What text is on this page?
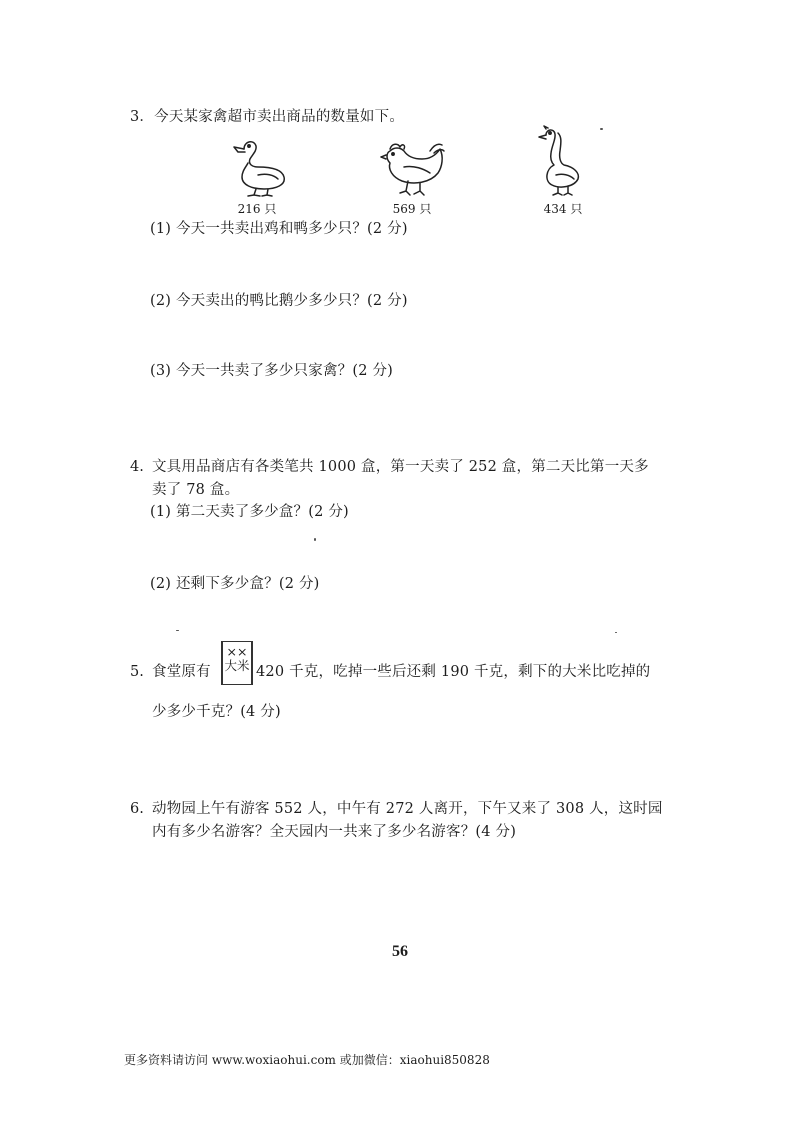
3．今天某家禽超市卖出商品的数量如下。
216 只	569 只	434 只
(1) 今天一共卖出鸡和鸭多少只？(2 分)
(2) 今天卖出的鸭比鹅少多少只？(2 分)
(3) 今天一共卖了多少只家禽？(2 分)
4. 文具用品商店有各类笔共 1000 盒，第一天卖了 252 盒，第二天比第一天多
卖了 78 盒。
(1) 第二天卖了多少盒？(2 分)
(2) 还剩下多少盒？(2 分)
5. 食堂原有
××
大米 420 千克，吃掉一些后还剩 190 千克，剩下的大米比吃掉的
少多少千克？(4 分)
6. 动物园上午有游客 552 人，中午有 272 人离开，下午又来了 308 人，这时园
内有多少名游客？全天园内一共来了多少名游客？(4 分)
56
更多资料请访问 www.woxiaohui.com 或加微信：xiaohui850828
